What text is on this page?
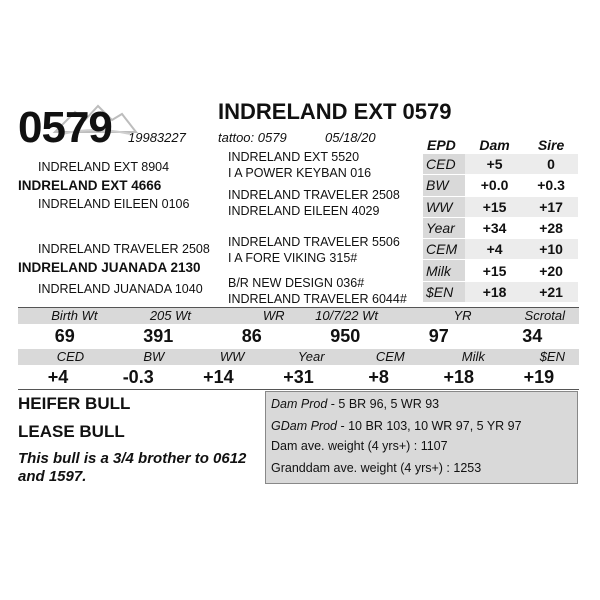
0579	INDRELAND EXT 0579
19983227 tattoo: 0579	05/18/20
INDRELAND EXT 8904
INDRELAND EXT 4666
INDRELAND EILEEN 0106
INDRELAND EXT 5520
I A POWER KEYBAN 016
INDRELAND TRAVELER 2508
INDRELAND EILEEN 4029
INDRELAND TRAVELER 2508
INDRELAND JUANADA 2130
INDRELAND JUANADA 1040
INDRELAND TRAVELER 5506
I A FORE VIKING 315#
B/R NEW DESIGN 036#
INDRELAND TRAVELER 6044#
EPD	Dam	Sire
CED	+5	0
BW	+0.0	+0.3
WW	+15	+17
Year	+34	+28
CEM	+4	+10
Milk	+15	+20
$EN	+18	+21
Birth Wt	205 Wt	WR	10/7/22 Wt	YR	Scrotal
69	391	86	950	97	34
CED	BW	WW	Year	CEM	Milk	$EN
+4	-0.3	+14	+31	+8	+18	+19
HEIFER BULL
LEASE BULL
This bull is a 3/4 brother to 0612 and 1597.
Dam Prod - 5 BR 96, 5 WR 93
GDam Prod - 10 BR 103, 10 WR 97, 5 YR 97
Dam ave. weight (4 yrs+) : 1107
Granddam ave. weight (4 yrs+) : 1253
